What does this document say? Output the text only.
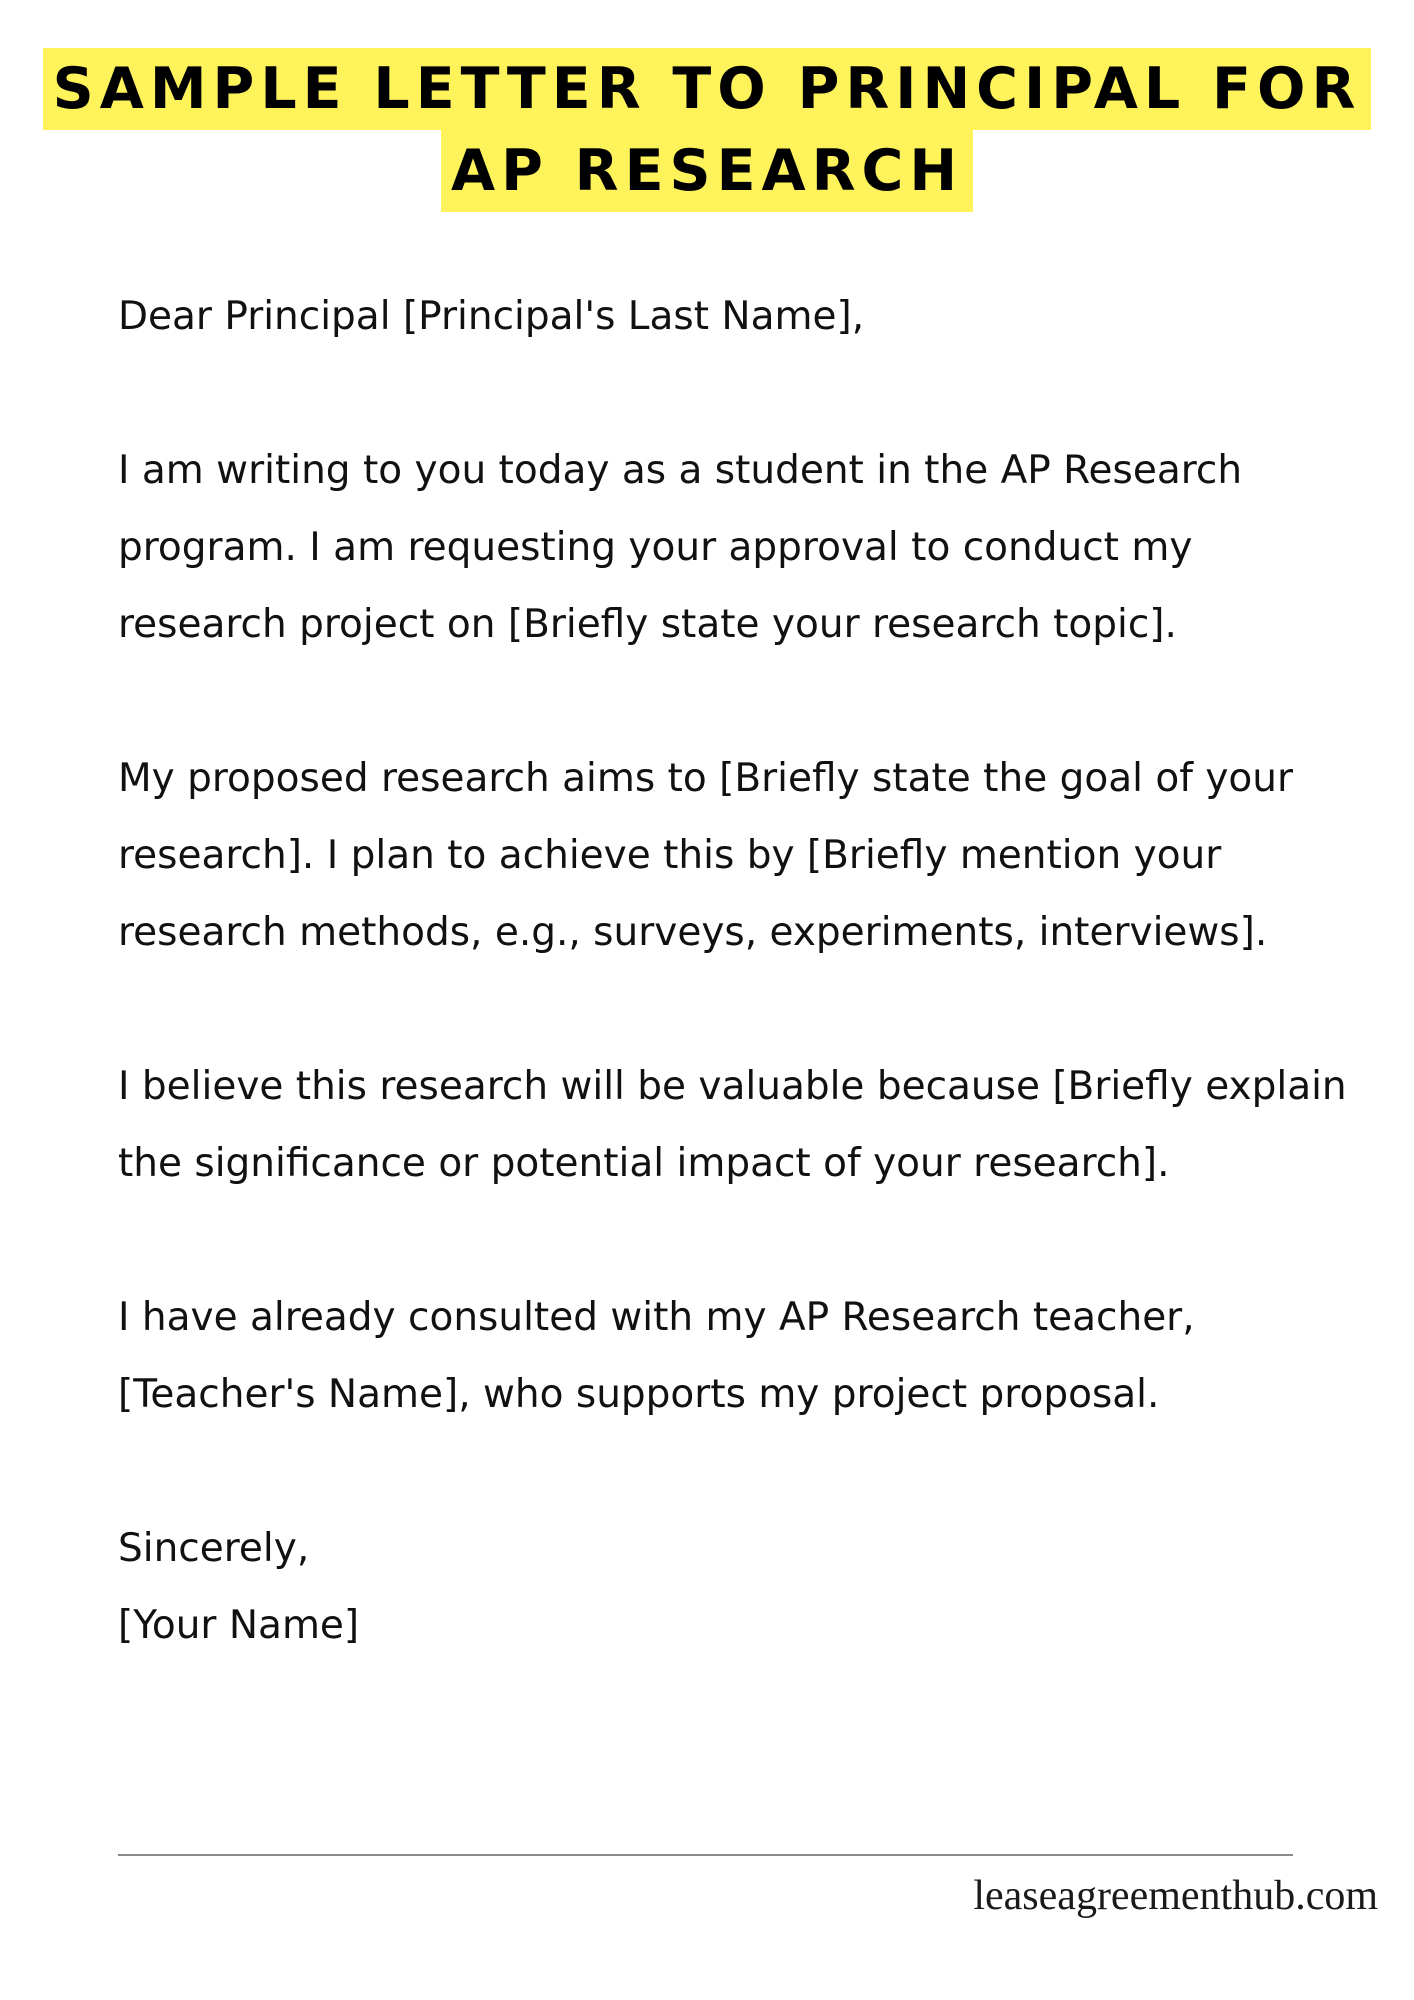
SAMPLE LETTER TO PRINCIPAL FOR
AP RESEARCH

Dear Principal [Principal's Last Name],

I am writing to you today as a student in the AP Research program. I am requesting your approval to conduct my research project on [Briefly state your research topic].

My proposed research aims to [Briefly state the goal of your research]. I plan to achieve this by [Briefly mention your research methods, e.g., surveys, experiments, interviews].

I believe this research will be valuable because [Briefly explain the significance or potential impact of your research].

I have already consulted with my AP Research teacher, [Teacher's Name], who supports my project proposal.

Sincerely,

[Your Name]

leaseagreementhub.com
